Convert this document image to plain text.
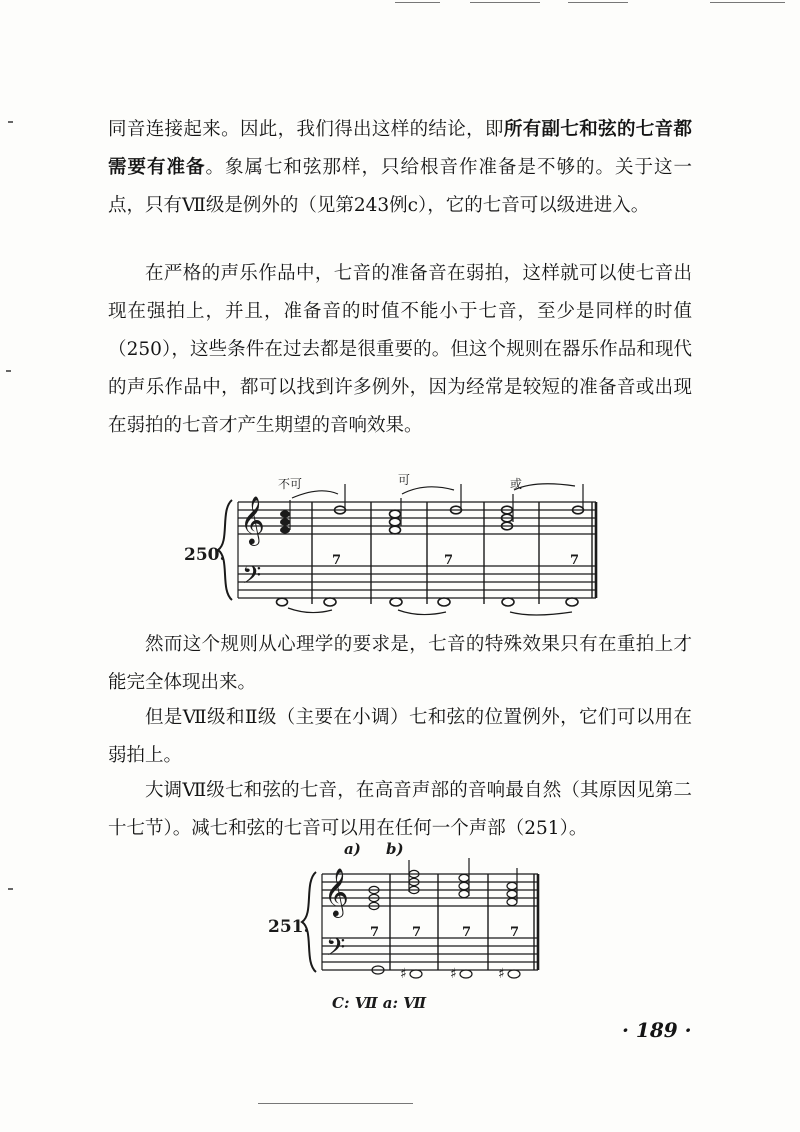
同音连接起来。因此，我们得出这样的结论，即所有副七和弦的七音都需要有准备。象属七和弦那样，只给根音作准备是不够的。关于这一点，只有Ⅶ级是例外的（见第243例c），它的七音可以级进进入。

在严格的声乐作品中，七音的准备音在弱拍，这样就可以使七音出现在强拍上，并且，准备音的时值不能小于七音，至少是同样的时值（250），这些条件在过去都是很重要的。但这个规则在器乐作品和现代的声乐作品中，都可以找到许多例外，因为经常是较短的准备音或出现在弱拍的七音才产生期望的音响效果。

𝄞
𝄢
不可	可	或
7	7	7
250.

然而这个规则从心理学的要求是，七音的特殊效果只有在重拍上才能完全体现出来。

但是Ⅶ级和Ⅱ级（主要在小调）七和弦的位置例外，它们可以用在弱拍上。

大调Ⅶ级七和弦的七音，在高音声部的音响最自然（其原因见第二十七节）。减七和弦的七音可以用在任何一个声部（251）。

𝄞
𝄢
♯	♯	♯
a) b)
7	7	7	7
251.
C: Ⅶ a: Ⅶ
· 189 ·
